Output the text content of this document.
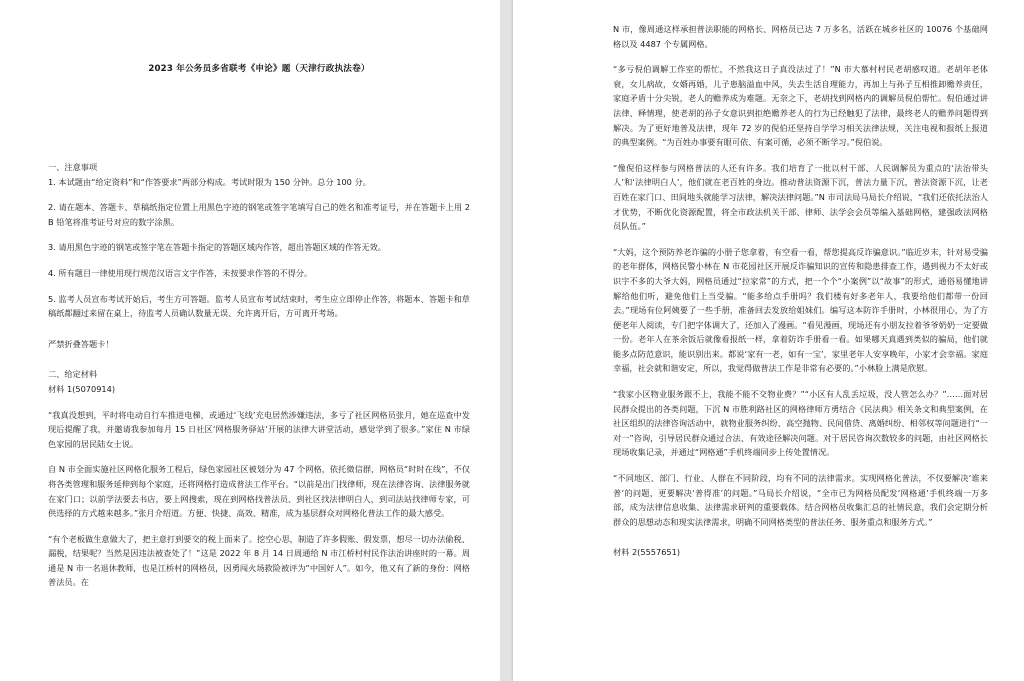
2023 年公务员多省联考《申论》题（天津行政执法卷）

一、注意事项

1. 本试题由“给定资料”和“作答要求”两部分构成。考试时限为 150 分钟。总分 100 分。

2. 请在题本、答题卡、草稿纸指定位置上用黑色字迹的钢笔或签字笔填写自己的姓名和准考证号，并在答题卡上用 2B 铅笔将准考证号对应的数字涂黑。

3. 请用黑色字迹的钢笔或签字笔在答题卡指定的答题区域内作答，超出答题区域的作答无效。

4. 所有题目一律使用现行规范汉语言文字作答，未按要求作答的不得分。

5. 监考人员宣布考试开始后，考生方可答题。监考人员宣布考试结束时，考生应立即停止作答，将题本、答题卡和草稿纸都翻过来留在桌上，待监考人员确认数量无误、允许离开后，方可离开考场。

严禁折叠答题卡！

二、给定材料

材料 1(5070914)

“我真没想到，平时将电动自行车推进电梯，或通过‘飞线’充电居然涉嫌违法，多亏了社区网格员张月，她在巡查中发现后提醒了我，并邀请我参加每月 15 日社区‘网格服务驿站’开展的法律大讲堂活动，感觉学到了很多。”家住 N 市绿色家园的居民陆女士说。

自 N 市全面实施社区网格化服务工程后，绿色家园社区被划分为 47 个网格，依托微信群，网格员“时时在线”，不仅将各类管理和服务延伸到每个家庭，还将网格打造成普法工作平台。“以前是出门找律师，现在法律咨询、法律服务就在家门口；以前学法要去书店，要上网搜索，现在到网格找普法员、到社区找法律明白人，到司法站找律师专家，可供选择的方式越来越多。”张月介绍道。方便、快捷、高效、精准，成为基层群众对网格化普法工作的最大感受。

“有个老板做生意做大了，把主意打到要交的税上面来了。挖空心思，制造了许多假账、假发票，想尽一切办法偷税、漏税，结果呢？当然是因违法被查处了！”这是 2022 年 8 月 14 日周通给 N 市江桥村村民作法治讲座时的一幕。周通是 N 市一名退休教师，也是江桥村的网格员，因勇闯火场救险被评为“中国好人”。如今，他又有了新的身份：网格普法员。在

N 市，像周通这样承担普法职能的网格长、网格员已达 7 万多名，活跃在城乡社区的 10076 个基础网格以及 4487 个专属网格。

“多亏倪伯调解工作室的帮忙，不然我这日子真没法过了！”N 市大慕村村民老胡感叹道。老胡年老体衰，女儿病故，女婿再婚，儿子患脑溢血中风，失去生活自理能力，再加上与孙子互相推卸赡养责任，家庭矛盾十分尖锐，老人的赡养成为难题。无奈之下，老胡找到网格内的调解员倪伯帮忙。倪伯通过讲法律、释情理，使老胡的孙子女意识到拒绝赡养老人的行为已经触犯了法律，最终老人的赡养问题得到解决。为了更好地普及法律，现年 72 岁的倪伯还坚持自学学习相关法律法规，关注电视和报纸上报道的典型案例。“为百姓办事要有眼可依、有案可循，必须不断学习。”倪伯说。

“像倪伯这样参与网格普法的人还有许多。我们培育了一批以村干部、人民调解员为重点的‘法治带头人’和‘法律明白人’，他们就在老百姓的身边。推动普法资源下沉，普法力量下沉，普法资源下沉，让老百姓在家门口、田间地头就能学习法律，解决法律问题。”N 市司法局马局长介绍说，“我们还依托法治人才优势，不断优化资源配置，将全市政法机关干部、律师、法学会会员等编入基础网格，建强政法网格员队伍。”

“大妈，这个预防养老诈骗的小册子您拿着，有空看一看，帮您提高反诈骗意识。”临近岁末，针对易受骗的老年群体，网格民警小林在 N 市花园社区开展反诈骗知识的宣传和隐患排查工作，遇到视力不太好或识字不多的大爷大妈，网格员通过“拉家常”的方式，把一个个“小案例”以“故事”的形式，通俗易懂地讲解给他们听，避免他们上当受骗。“能多给点手册吗？我们楼有好多老年人，我要给他们都带一份回去。”现场有位阿姨要了一些手册，准备回去发放给姐妹们。编写这本防诈手册时，小林很用心，为了方便老年人阅读，专门把字体调大了，还加入了漫画。“看见漫画，现场还有小朋友拉着爷爷奶奶一定要做一份。老年人在茶余饭后就像看报纸一样，拿着防诈手册看一看。如果哪天真遇到类似的骗局，他们就能多点防范意识，能识别出来。都说‘家有一老，如有一宝’，家里老年人安享晚年，小家才会幸福。家庭幸福，社会就和谐安定，所以，我觉得做普法工作是非常有必要的。”小林脸上满是欣慰。

“我家小区物业服务跟不上，我能不能不交物业费？”“小区有人乱丢垃圾，没人管怎么办？”……面对居民群众提出的各类问题，下沉 N 市胜利路社区的网格律师方勇结合《民法典》相关条文和典型案例，在社区组织的法律咨询活动中，就物业服务纠纷、高空抛物、民间借贷、离婚纠纷、相邻权等问题进行“一对一”咨询，引导居民群众通过合法、有效途径解决问题。对于居民咨询次数较多的问题，由社区网格长现场收集记录，并通过“网格通”手机终端同步上传处置情况。

“不同地区、部门、行业、人群在不同阶段，均有不同的法律需求。实现网格化普法，不仅要解决‘谁来普’的问题，更要解决‘普得准’的问题。”马局长介绍说，“全市已为网格员配发‘网格通’手机终端一万多部，成为法律信息收集、法律需求研判的重要载体。结合网格员收集汇总的社情民意，我们会定期分析群众的思想动态和现实法律需求，明确不同网格类型的普法任务、服务重点和服务方式。”

材料 2(5557651)
